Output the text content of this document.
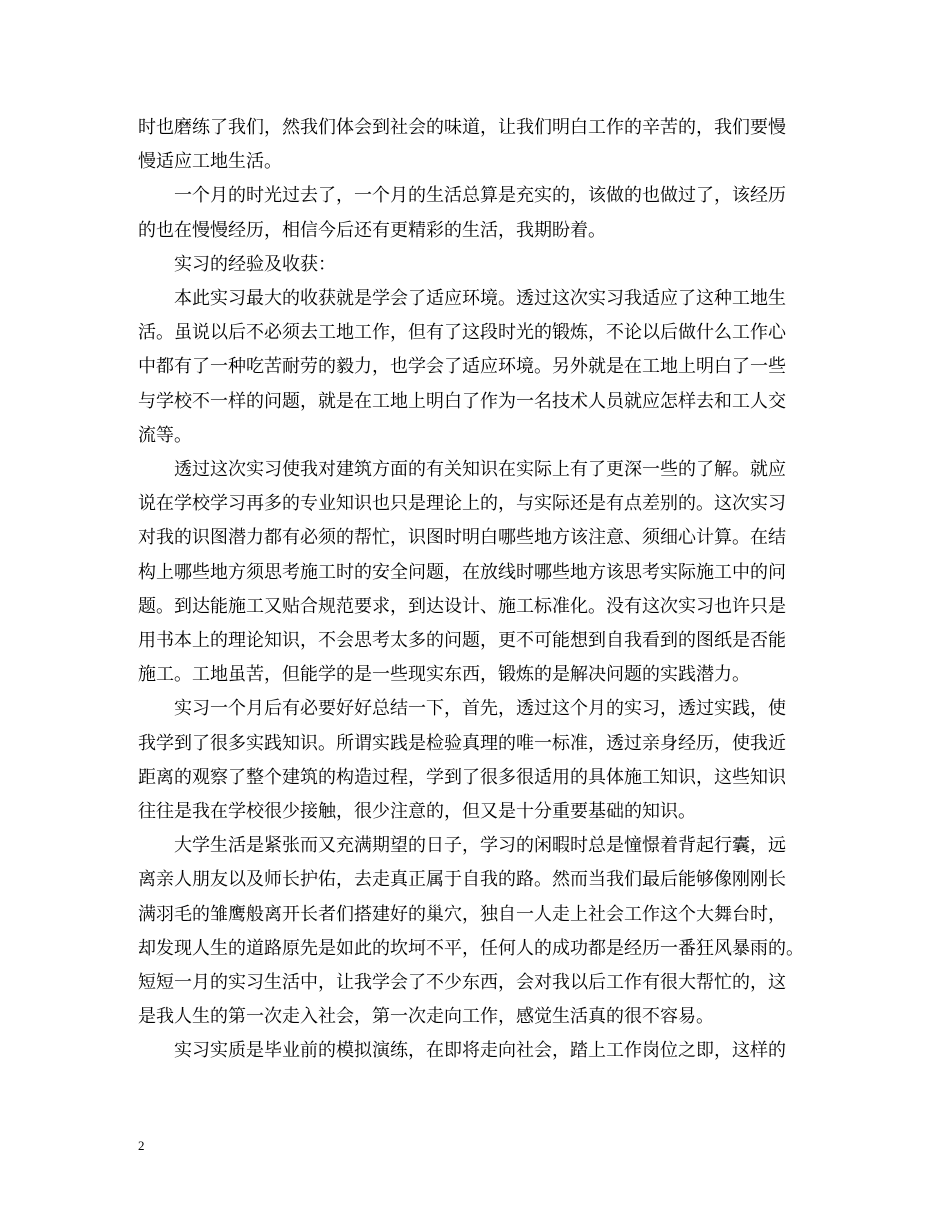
时也磨练了我们，然我们体会到社会的味道，让我们明白工作的辛苦的，我们要慢
慢适应工地生活。
一个月的时光过去了，一个月的生活总算是充实的，该做的也做过了，该经历
的也在慢慢经历，相信今后还有更精彩的生活，我期盼着。
实习的经验及收获：
本此实习最大的收获就是学会了适应环境。透过这次实习我适应了这种工地生
活。虽说以后不必须去工地工作，但有了这段时光的锻炼，不论以后做什么工作心
中都有了一种吃苦耐劳的毅力，也学会了适应环境。另外就是在工地上明白了一些
与学校不一样的问题，就是在工地上明白了作为一名技术人员就应怎样去和工人交
流等。
透过这次实习使我对建筑方面的有关知识在实际上有了更深一些的了解。就应
说在学校学习再多的专业知识也只是理论上的，与实际还是有点差别的。这次实习
对我的识图潜力都有必须的帮忙，识图时明白哪些地方该注意、须细心计算。在结
构上哪些地方须思考施工时的安全问题，在放线时哪些地方该思考实际施工中的问
题。到达能施工又贴合规范要求，到达设计、施工标准化。没有这次实习也许只是
用书本上的理论知识，不会思考太多的问题，更不可能想到自我看到的图纸是否能
施工。工地虽苦，但能学的是一些现实东西，锻炼的是解决问题的实践潜力。
实习一个月后有必要好好总结一下，首先，透过这个月的实习，透过实践，使
我学到了很多实践知识。所谓实践是检验真理的唯一标准，透过亲身经历，使我近
距离的观察了整个建筑的构造过程，学到了很多很适用的具体施工知识，这些知识
往往是我在学校很少接触，很少注意的，但又是十分重要基础的知识。
大学生活是紧张而又充满期望的日子，学习的闲暇时总是憧憬着背起行囊，远
离亲人朋友以及师长护佑，去走真正属于自我的路。然而当我们最后能够像刚刚长
满羽毛的雏鹰般离开长者们搭建好的巢穴，独自一人走上社会工作这个大舞台时，
却发现人生的道路原先是如此的坎坷不平，任何人的成功都是经历一番狂风暴雨的。
短短一月的实习生活中，让我学会了不少东西，会对我以后工作有很大帮忙的，这
是我人生的第一次走入社会，第一次走向工作，感觉生活真的很不容易。
实习实质是毕业前的模拟演练，在即将走向社会，踏上工作岗位之即，这样的
2
